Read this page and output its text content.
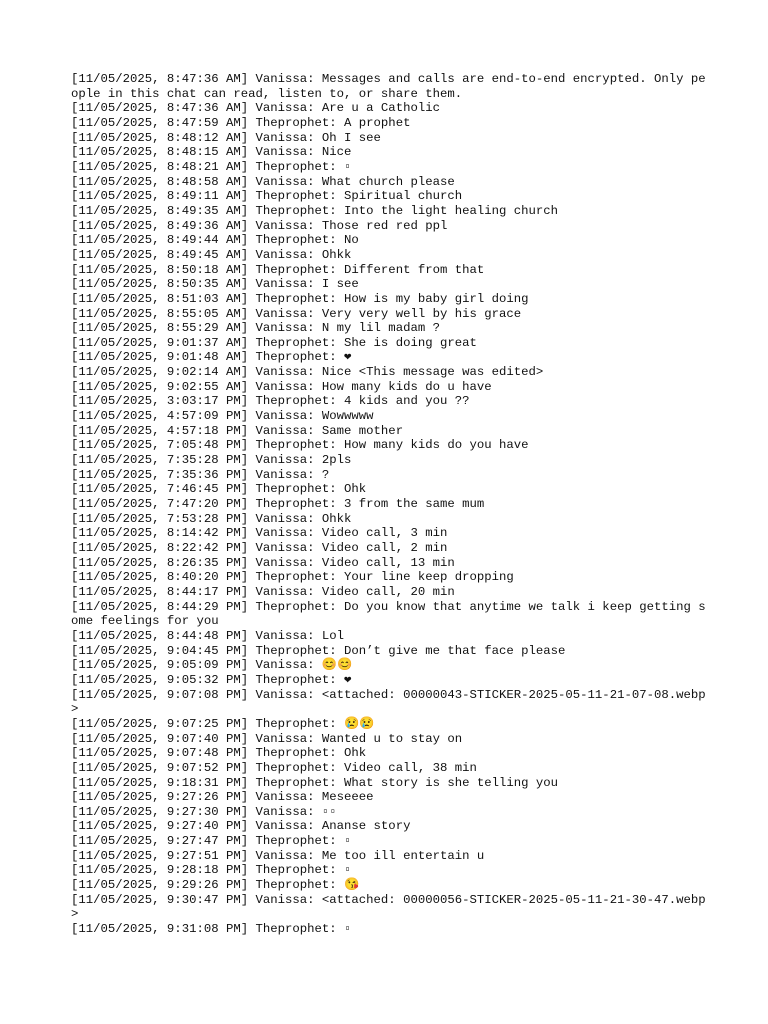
[11/05/2025, 8:47:36 AM] Vanissa: Messages and calls are end-to-end encrypted. Only people in this chat can read, listen to, or share them.
[11/05/2025, 8:47:36 AM] Vanissa: Are u a Catholic
[11/05/2025, 8:47:59 AM] Theprophet: A prophet
[11/05/2025, 8:48:12 AM] Vanissa: Oh I see
[11/05/2025, 8:48:15 AM] Vanissa: Nice
[11/05/2025, 8:48:21 AM] Theprophet: ▫
[11/05/2025, 8:48:58 AM] Vanissa: What church please
[11/05/2025, 8:49:11 AM] Theprophet: Spiritual church
[11/05/2025, 8:49:35 AM] Theprophet: Into the light healing church
[11/05/2025, 8:49:36 AM] Vanissa: Those red red ppl
[11/05/2025, 8:49:44 AM] Theprophet: No
[11/05/2025, 8:49:45 AM] Vanissa: Ohkk
[11/05/2025, 8:50:18 AM] Theprophet: Different from that
[11/05/2025, 8:50:35 AM] Vanissa: I see
[11/05/2025, 8:51:03 AM] Theprophet: How is my baby girl doing
[11/05/2025, 8:55:05 AM] Vanissa: Very very well by his grace
[11/05/2025, 8:55:29 AM] Vanissa: N my lil madam ?
[11/05/2025, 9:01:37 AM] Theprophet: She is doing great
[11/05/2025, 9:01:48 AM] Theprophet: ❤
[11/05/2025, 9:02:14 AM] Vanissa: Nice <This message was edited>
[11/05/2025, 9:02:55 AM] Vanissa: How many kids do u have
[11/05/2025, 3:03:17 PM] Theprophet: 4 kids and you ??
[11/05/2025, 4:57:09 PM] Vanissa: Wowwwww
[11/05/2025, 4:57:18 PM] Vanissa: Same mother
[11/05/2025, 7:05:48 PM] Theprophet: How many kids do you have
[11/05/2025, 7:35:28 PM] Vanissa: 2pls
[11/05/2025, 7:35:36 PM] Vanissa: ?
[11/05/2025, 7:46:45 PM] Theprophet: Ohk
[11/05/2025, 7:47:20 PM] Theprophet: 3 from the same mum
[11/05/2025, 7:53:28 PM] Vanissa: Ohkk
[11/05/2025, 8:14:42 PM] Vanissa: Video call, 3 min
[11/05/2025, 8:22:42 PM] Vanissa: Video call, 2 min
[11/05/2025, 8:26:35 PM] Vanissa: Video call, 13 min
[11/05/2025, 8:40:20 PM] Theprophet: Your line keep dropping
[11/05/2025, 8:44:17 PM] Vanissa: Video call, 20 min
[11/05/2025, 8:44:29 PM] Theprophet: Do you know that anytime we talk i keep getting some feelings for you
[11/05/2025, 8:44:48 PM] Vanissa: Lol
[11/05/2025, 9:04:45 PM] Theprophet: Don’t give me that face please
[11/05/2025, 9:05:09 PM] Vanissa: 😊😊
[11/05/2025, 9:05:32 PM] Theprophet: ❤
[11/05/2025, 9:07:08 PM] Vanissa: <attached: 00000043-STICKER-2025-05-11-21-07-08.webp>
[11/05/2025, 9:07:25 PM] Theprophet: 😢😢
[11/05/2025, 9:07:40 PM] Vanissa: Wanted u to stay on
[11/05/2025, 9:07:48 PM] Theprophet: Ohk
[11/05/2025, 9:07:52 PM] Theprophet: Video call, 38 min
[11/05/2025, 9:18:31 PM] Theprophet: What story is she telling you
[11/05/2025, 9:27:26 PM] Vanissa: Meseeee
[11/05/2025, 9:27:30 PM] Vanissa: ▫▫
[11/05/2025, 9:27:40 PM] Vanissa: Ananse story
[11/05/2025, 9:27:47 PM] Theprophet: ▫
[11/05/2025, 9:27:51 PM] Vanissa: Me too ill entertain u
[11/05/2025, 9:28:18 PM] Theprophet: ▫
[11/05/2025, 9:29:26 PM] Theprophet: 😘
[11/05/2025, 9:30:47 PM] Vanissa: <attached: 00000056-STICKER-2025-05-11-21-30-47.webp>
[11/05/2025, 9:31:08 PM] Theprophet: ▫
